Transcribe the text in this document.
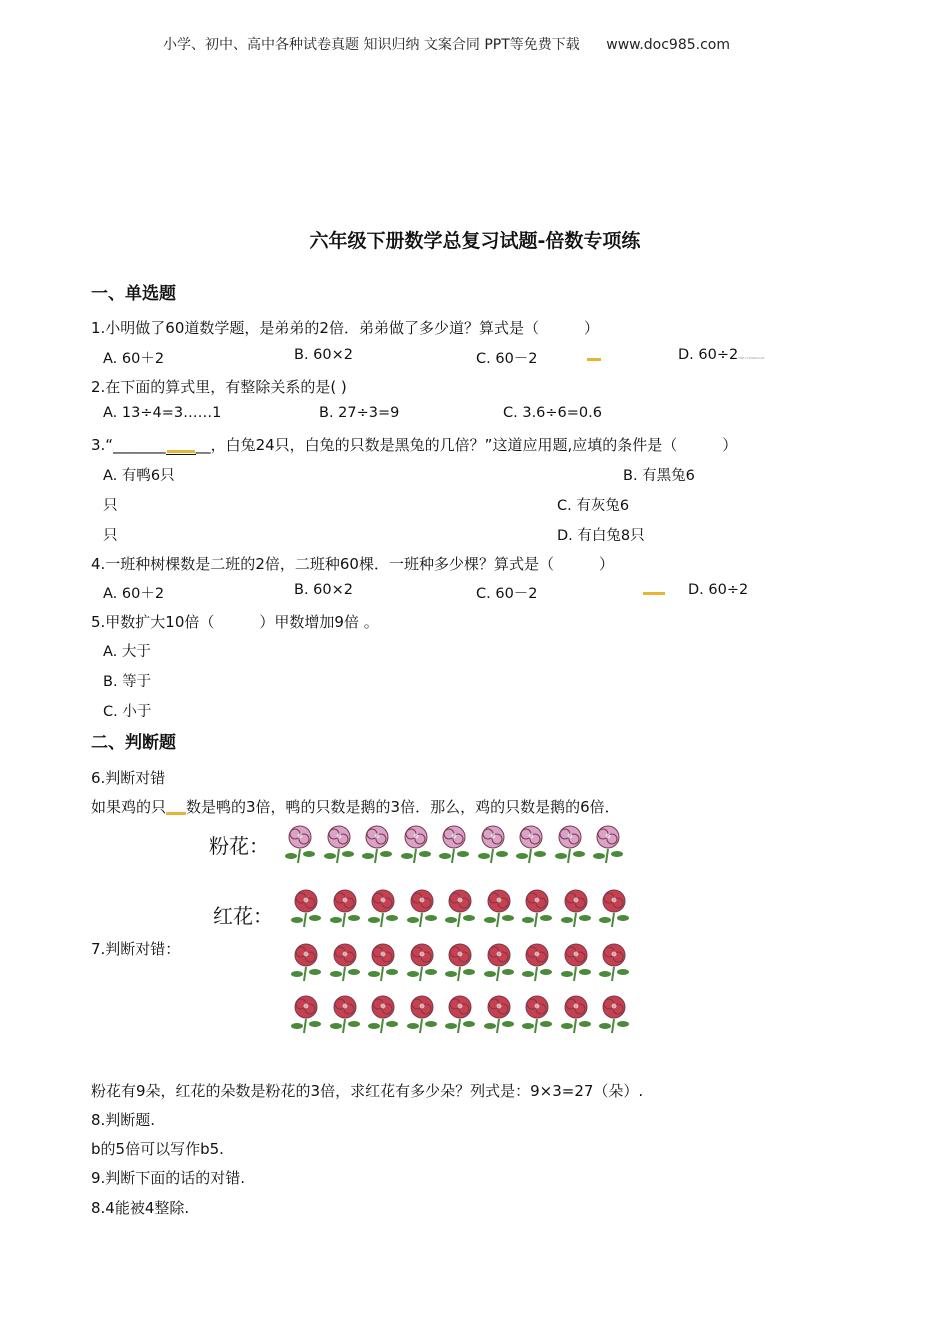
小学、初中、高中各种试卷真题 知识归纳 文案合同 PPT等免费下载 www.doc985.com
六年级下册数学总复习试题-倍数专项练
一、单选题
1.小明做了60道数学题，是弟弟的2倍．弟弟做了多少道？算式是（　　　）
A. 60＋2	B. 60×2	C. 60－2	D. 60÷2DSE71456DAAAE
2.在下面的算式里，有整除关系的是( )
A. 13÷4=3……1	B. 27÷3=9	C. 3.6÷6=0.6
3.“_______ __，白兔24只，白兔的只数是黑兔的几倍？”这道应用题,应填的条件是（　　　）
A. 有鸭6只	B. 有黑兔6
只	C. 有灰兔6
只	D. 有白兔8只
4.一班种树棵数是二班的2倍，二班种60棵．一班种多少棵？算式是（　　　）
A. 60＋2	B. 60×2	C. 60－2	D. 60÷2
5.甲数扩大10倍（　　　）甲数增加9倍 。
A. 大于
B. 等于
C. 小于
二、判断题
6.判断对错
如果鸡的只 数是鸭的3倍，鸭的只数是鹅的3倍．那么，鸡的只数是鹅的6倍．
粉花：
红花：
7.判断对错：
粉花有9朵，红花的朵数是粉花的3倍，求红花有多少朵？列式是：9×3=27（朵）.
8.判断题.
b的5倍可以写作b5.
9.判断下面的话的对错.
8.4能被4整除.
